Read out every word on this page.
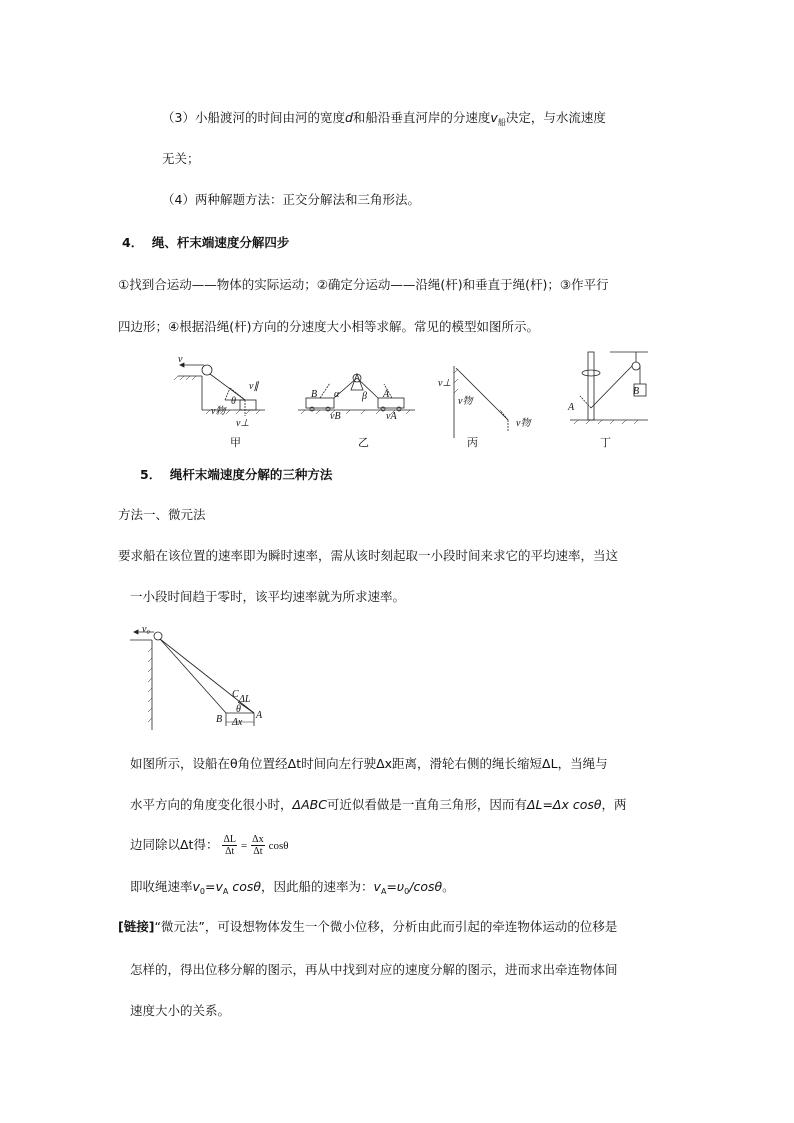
（3）小船渡河的时间由河的宽度d和船沿垂直河岸的分速度$v_船$决定，与水流速度
无关；
（4）两种解题方法：正交分解法和三角形法。
4． 绳、杆末端速度分解四步
①找到合运动——物体的实际运动；②确定分运动——沿绳(杆)和垂直于绳(杆)；③作平行
四边形；④根据沿绳(杆)方向的分速度大小相等求解。常见的模型如图所示。
v
v∥
θ
v物
v⊥
B α β A
vB	vA
v⊥
v物
v物
B
A
甲	乙	丙	丁
5． 绳杆末端速度分解的三种方法
方法一、微元法
要求船在该位置的速率即为瞬时速率，需从该时刻起取一小段时间来求它的平均速率，当这
一小段时间趋于零时，该平均速率就为所求速率。
v₀
C ΔL
θ
B Δx
A
如图所示，设船在θ角位置经Δt时间向左行驶Δx距离，滑轮右侧的绳长缩短ΔL，当绳与
水平方向的角度变化很小时，ΔABC可近似看做是一直角三角形，因而有ΔL=Δx cosθ，两
边同除以Δt得： $\frac{\Delta L}{\Delta t} = \frac{\Delta x}{\Delta t}$ cosθ
即收绳速率$v_0=v_A$ cosθ，因此船的速率为：$v_A=\upsilon_0$/cosθ。
[链接]“微元法”，可设想物体发生一个微小位移，分析由此而引起的牵连物体运动的位移是
怎样的，得出位移分解的图示，再从中找到对应的速度分解的图示，进而求出牵连物体间
速度大小的关系。
